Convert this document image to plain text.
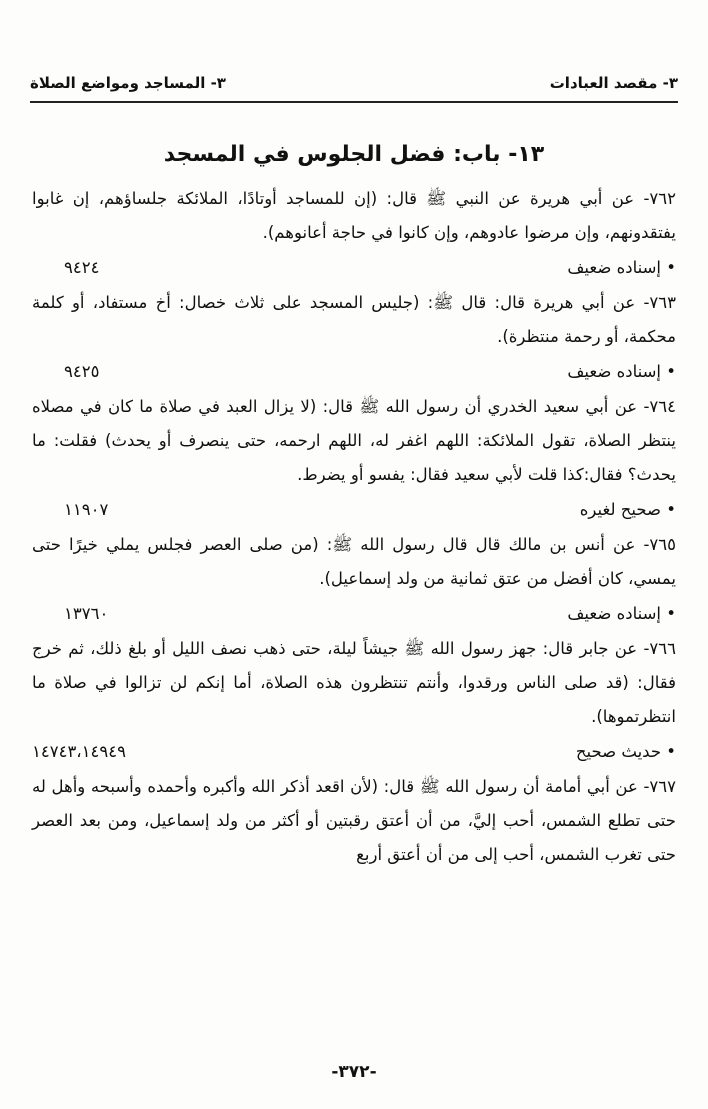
٣- مقصد العبادات
٣- المساجد ومواضع الصلاة
١٣- باب: فضل الجلوس في المسجد
٧٦٢- عن أبي هريرة عن النبي ﷺ قال: (إن للمساجد أوتادًا، الملائكة جلساؤهم، إن غابوا يفتقدونهم، وإن مرضوا عادوهم، وإن كانوا في حاجة أعانوهم).
• إسناده ضعيف
٩٤٢٤
٧٦٣- عن أبي هريرة قال: قال ﷺ: (جليس المسجد على ثلاث خصال: أخ مستفاد، أو كلمة محكمة، أو رحمة منتظرة).
• إسناده ضعيف
٩٤٢٥
٧٦٤- عن أبي سعيد الخدري أن رسول الله ﷺ قال: (لا يزال العبد في صلاة ما كان في مصلاه ينتظر الصلاة، تقول الملائكة: اللهم اغفر له، اللهم ارحمه، حتى ينصرف أو يحدث) فقلت: ما يحدث؟ فقال:كذا قلت لأبي سعيد فقال: يفسو أو يضرط.
• صحيح لغيره
١١٩٠٧
٧٦٥- عن أنس بن مالك قال قال رسول الله ﷺ: (من صلى العصر فجلس يملي خيرًا حتى يمسي، كان أفضل من عتق ثمانية من ولد إسماعيل).
• إسناده ضعيف
١٣٧٦٠
٧٦٦- عن جابر قال: جهز رسول الله ﷺ جيشاً ليلة، حتى ذهب نصف الليل أو بلغ ذلك، ثم خرج فقال: (قد صلى الناس ورقدوا، وأنتم تنتظرون هذه الصلاة، أما إنكم لن تزالوا في صلاة ما انتظرتموها).
• حديث صحيح
١٤٧٤٣،١٤٩٤٩
٧٦٧- عن أبي أمامة أن رسول الله ﷺ قال: (لأن اقعد أذكر الله وأكبره وأحمده وأسبحه وأهل له حتى تطلع الشمس، أحب إليَّ، من أن أعتق رقبتين أو أكثر من ولد إسماعيل، ومن بعد العصر حتى تغرب الشمس، أحب إلى من أن أعتق أربع
-٣٧٢-
